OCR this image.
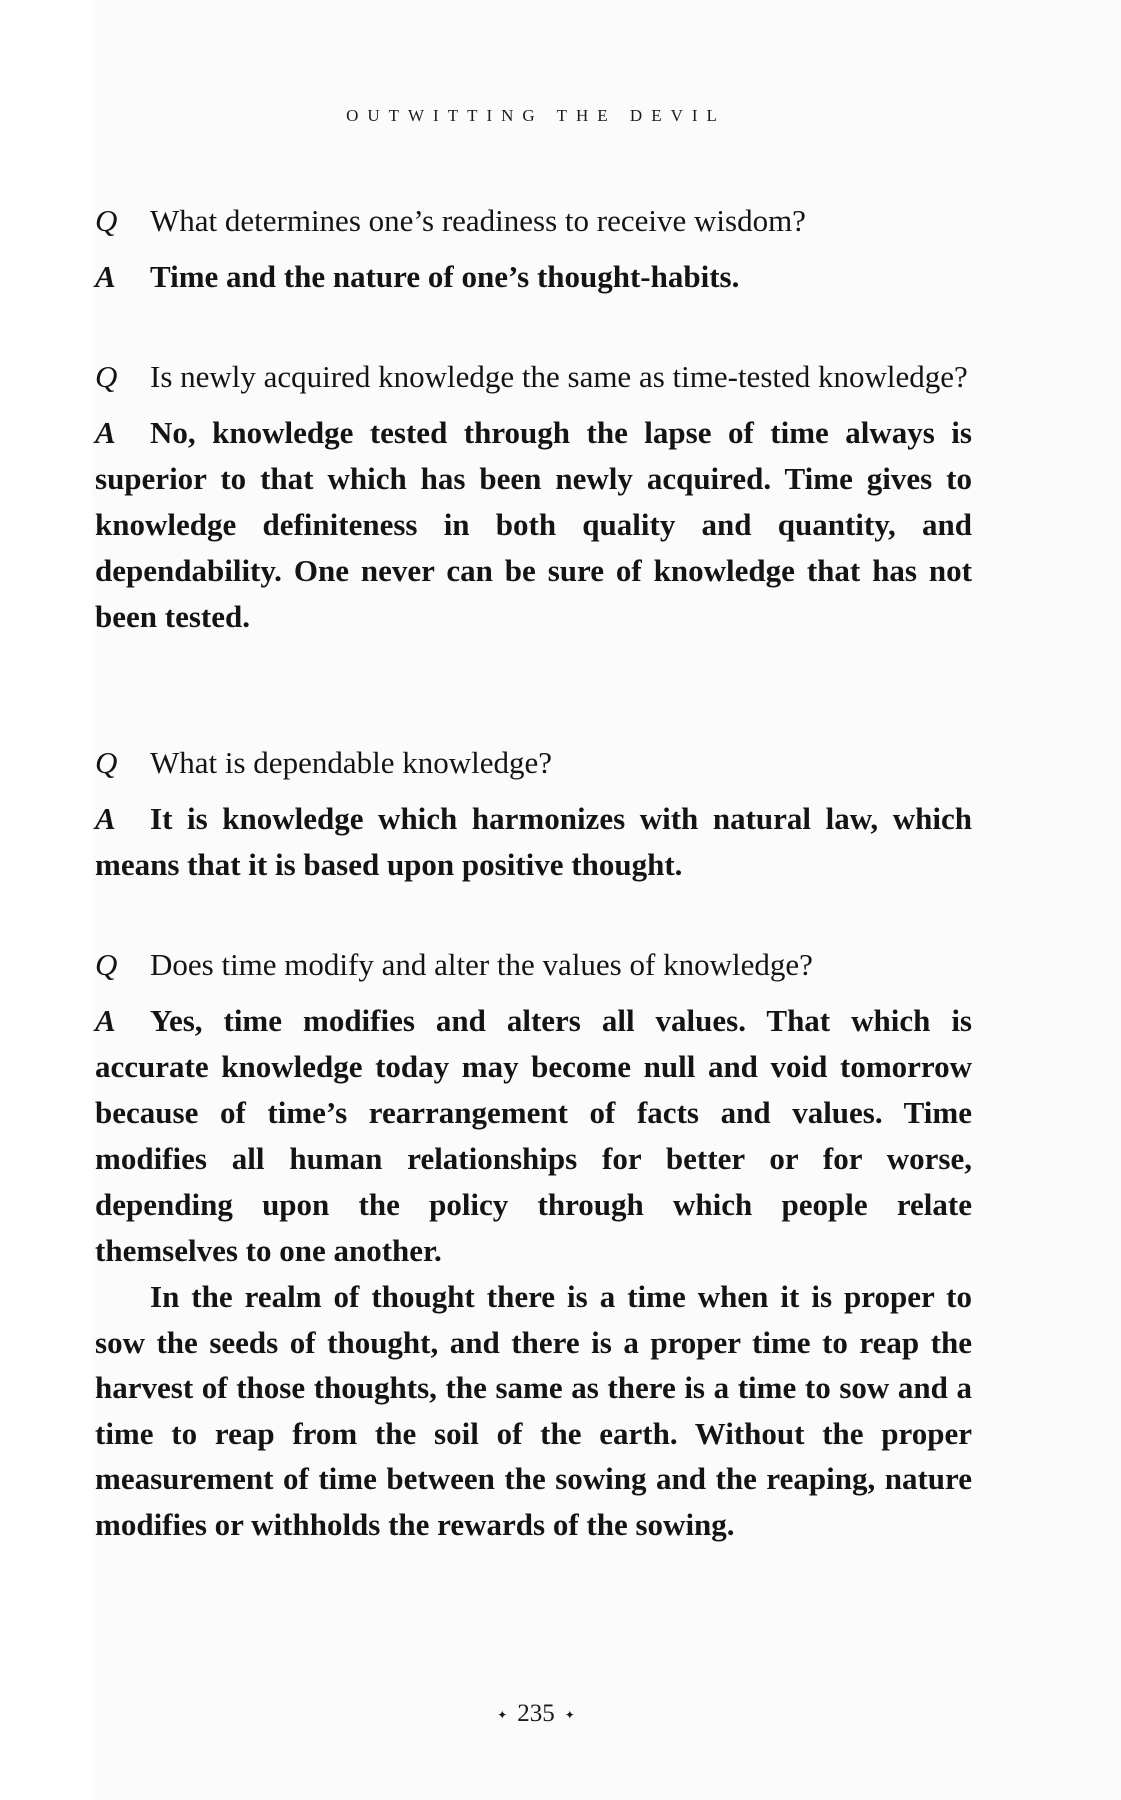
OUTWITTING THE DEVIL

Q What determines one’s readiness to receive wisdom?

A Time and the nature of one’s thought-habits.

Q Is newly acquired knowledge the same as time-tested knowledge?

A No, knowledge tested through the lapse of time always is superior to that which has been newly acquired. Time gives to knowledge definiteness in both quality and quantity, and dependability. One never can be sure of knowledge that has not been tested.

Q What is dependable knowledge?

A It is knowledge which harmonizes with natural law, which means that it is based upon positive thought.

Q Does time modify and alter the values of knowledge?

A Yes, time modifies and alters all values. That which is accurate knowledge today may become null and void tomorrow because of time’s rearrangement of facts and values. Time modifies all human relationships for better or for worse, depending upon the policy through which people relate themselves to one another.

In the realm of thought there is a time when it is proper to sow the seeds of thought, and there is a proper time to reap the harvest of those thoughts, the same as there is a time to sow and a time to reap from the soil of the earth. Without the proper measurement of time between the sowing and the reaping, nature modifies or withholds the rewards of the sowing.

✦ 235 ✦
